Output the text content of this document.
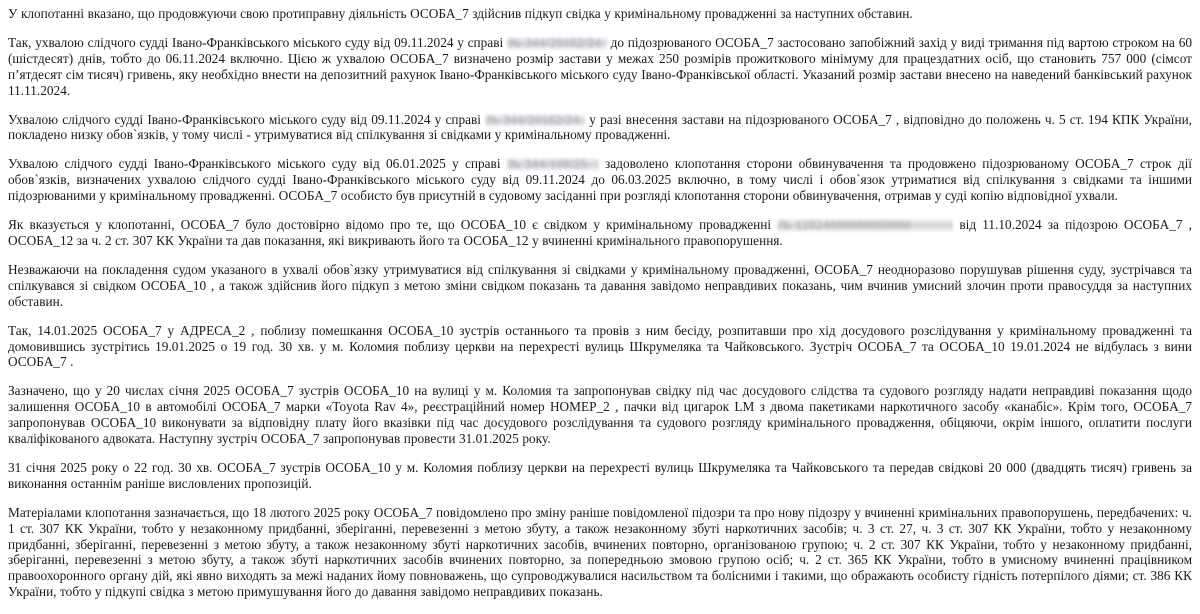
У клопотанні вказано, що продовжуючи свою протиправну діяльність ОСОБА_7 здійснив підкуп свідка у кримінальному провадженні за наступних обставин.

Так, ухвалою слідчого судді Івано-Франківського міського суду від 09.11.2024 у справі № 344/20182/24 до підозрюваного ОСОБА_7 застосовано запобіжний захід у виді тримання під вартою строком на 60 (шістдесят) днів, тобто до 06.11.2024 включно. Цією ж ухвалою ОСОБА_7 визначено розмір застави у межах 250 розмірів прожиткового мінімуму для працездатних осіб, що становить 757 000 (сімсот п’ятдесят сім тисяч) гривень, яку необхідно внести на депозитний рахунок Івано-Франківського міського суду Івано-Франківської області. Указаний розмір застави внесено на наведений банківський рахунок 11.11.2024.

Ухвалою слідчого судді Івано-Франківського міського суду від 09.11.2024 у справі № 344/20182/24 у разі внесення застави на підозрюваного ОСОБА_7 , відповідно до положень ч. 5 ст. 194 КПК України, покладено низку обов`язків, у тому числі - утримуватися від спілкування зі свідками у кримінальному провадженні.

Ухвалою слідчого судді Івано-Франківського міського суду від 06.01.2025 у справі № 344/108/25 задоволено клопотання сторони обвинувачення та продовжено підозрюваному ОСОБА_7 строк дії обов`язків, визначених ухвалою слідчого судді Івано-Франківського міського суду від 09.11.2024 до 06.03.2025 включно, в тому числі і обов`язок утриматися від спілкування з свідками та іншими підозрюваними у кримінальному провадженні. ОСОБА_7 особисто був присутній в судовому засіданні при розгляді клопотання сторони обвинувачення, отримав у суді копію відповідної ухвали.

Як вказується у клопотанні, ОСОБА_7 було достовірно відомо про те, що ОСОБА_10 є свідком у кримінальному провадженні № 12024000000000000	від 11.10.2024 за підозрою ОСОБА_7 , ОСОБА_12 за ч. 2 ст. 307 КК України та дав показання, які викривають його та ОСОБА_12 у вчиненні кримінального правопорушення.

Незважаючи на покладення судом указаного в ухвалі обов`язку утримуватися від спілкування зі свідками у кримінальному провадженні, ОСОБА_7 неодноразово порушував рішення суду, зустрічався та спілкувався зі свідком ОСОБА_10 , а також здійснив його підкуп з метою зміни свідком показань та давання завідомо неправдивих показань, чим вчинив умисний злочин проти правосуддя за наступних обставин.

Так, 14.01.2025 ОСОБА_7 у АДРЕСА_2 , поблизу помешкання ОСОБА_10 зустрів останнього та провів з ним бесіду, розпитавши про хід досудового розслідування у кримінальному провадженні та домовившись зустрітись 19.01.2025 о 19 год. 30 хв. у м. Коломия поблизу церкви на перехресті вулиць Шкрумеляка та Чайковського. Зустріч ОСОБА_7 та ОСОБА_10 19.01.2024 не відбулась з вини ОСОБА_7 .

Зазначено, що у 20 числах січня 2025 ОСОБА_7 зустрів ОСОБА_10 на вулиці у м. Коломия та запропонував свідку під час досудового слідства та судового розгляду надати неправдиві показання щодо залишення ОСОБА_10 в автомобілі ОСОБА_7 марки «Toyota Rav 4», реєстраційний номер НОМЕР_2 , пачки від цигарок LM з двома пакетиками наркотичного засобу «канабіс». Крім того, ОСОБА_7 запропонував ОСОБА_10 виконувати за відповідну плату його вказівки під час досудового розслідування та судового розгляду кримінального провадження, обіцяючи, окрім іншого, оплатити послуги кваліфікованого адвоката. Наступну зустріч ОСОБА_7 запропонував провести 31.01.2025 року.

31 січня 2025 року о 22 год. 30 хв. ОСОБА_7 зустрів ОСОБА_10 у м. Коломия поблизу церкви на перехресті вулиць Шкрумеляка та Чайковського та передав свідкові 20 000 (двадцять тисяч) гривень за виконання останнім раніше висловлених пропозицій.

Матеріалами клопотання зазначається, що 18 лютого 2025 року ОСОБА_7 повідомлено про зміну раніше повідомленої підозри та про нову підозру у вчиненні кримінальних правопорушень, передбачених: ч. 1 ст. 307 КК України, тобто у незаконному придбанні, зберіганні, перевезенні з метою збуту, а також незаконному збуті наркотичних засобів; ч. 3 ст. 27, ч. 3 ст. 307 КК України, тобто у незаконному придбанні, зберіганні, перевезенні з метою збуту, а також незаконному збуті наркотичних засобів, вчинених повторно, організованою групою; ч. 2 ст. 307 КК України, тобто у незаконному придбанні, зберіганні, перевезенні з метою збуту, а також збуті наркотичних засобів вчинених повторно, за попередньою змовою групою осіб; ч. 2 ст. 365 КК України, тобто в умисному вчиненні працівником правоохоронного органу дій, які явно виходять за межі наданих йому повноважень, що супроводжувалися насильством та болісними і такими, що ображають особисту гідність потерпілого діями; ст. 386 КК України, тобто у підкупі свідка з метою примушування його до давання завідомо неправдивих показань.
